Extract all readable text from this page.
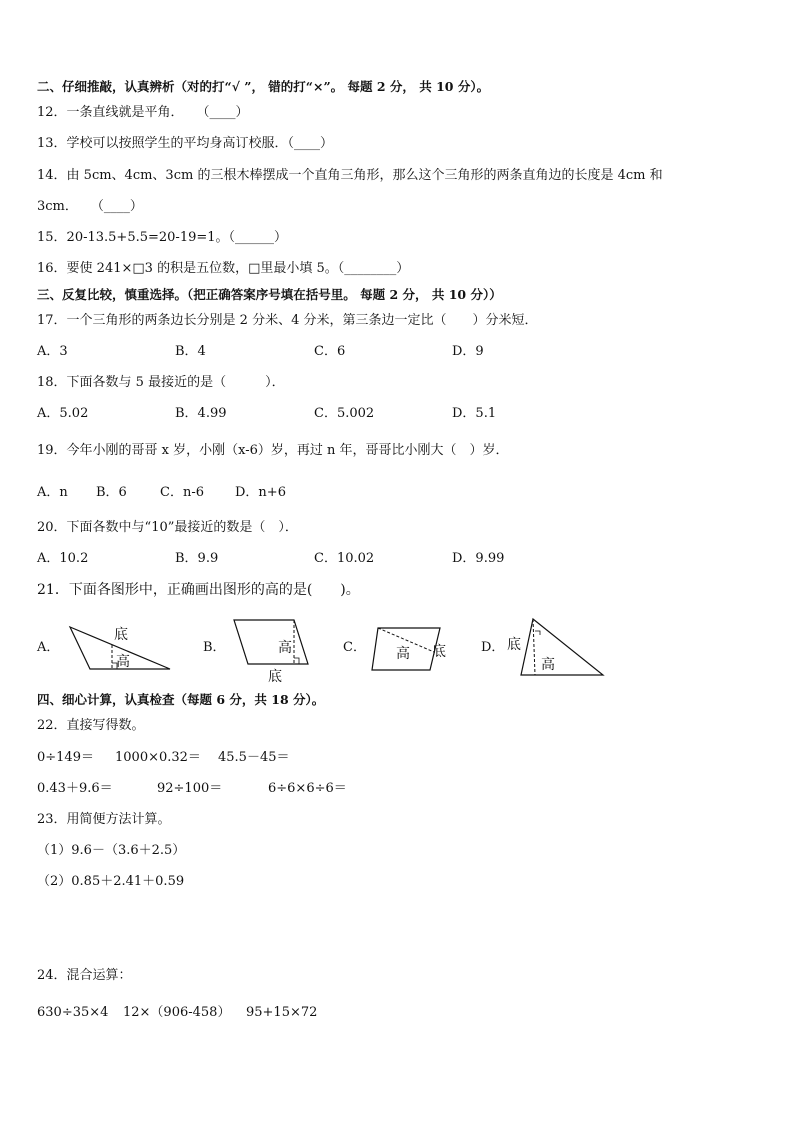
二、仔细推敲，认真辨析（对的打“√ ”， 错的打“×”。 每题 2 分， 共 10 分）。
12．一条直线就是平角．　　（____）
13．学校可以按照学生的平均身高订校服．（____）
14．由 5cm、4cm、3cm 的三根木棒摆成一个直角三角形，那么这个三角形的两条直角边的长度是 4cm 和
3cm．　　（____）
15．20-13.5+5.5=20-19=1。（______）
16．要使 241×□3 的积是五位数，□里最小填 5。（________）
三、反复比较，慎重选择。（把正确答案序号填在括号里。 每题 2 分， 共 10 分））
17．一个三角形的两条边长分别是 2 分米、4 分米，第三条边一定比（　　）分米短．
A．3	B．4	C．6	D．9
18．下面各数与 5 最接近的是（　　　）．
A．5.02	B．4.99	C．5.002	D．5.1
19．今年小刚的哥哥 x 岁，小刚（x-6）岁，再过 n 年，哥哥比小刚大（　）岁．
A．n B．6	C．n-6 D．n+6
20．下面各数中与“10”最接近的数是（　）．
A．10.2	B．9.9	C．10.02	D．9.99
21．下面各图形中，正确画出图形的高的是(　　)。
A．	B．	C．	D．
底
高
高
底
高 底	底
高
四、细心计算，认真检查（每题 6 分，共 18 分）。
22．直接写得数。
0÷149＝ 1000×0.32＝ 45.5－45＝
0.43＋9.6＝	92÷100＝	6÷6×6÷6＝
23．用简便方法计算。
（1）9.6－（3.6＋2.5）
（2）0.85＋2.41＋0.59
24．混合运算：
630÷35×4 12×（906-458） 95+15×72
